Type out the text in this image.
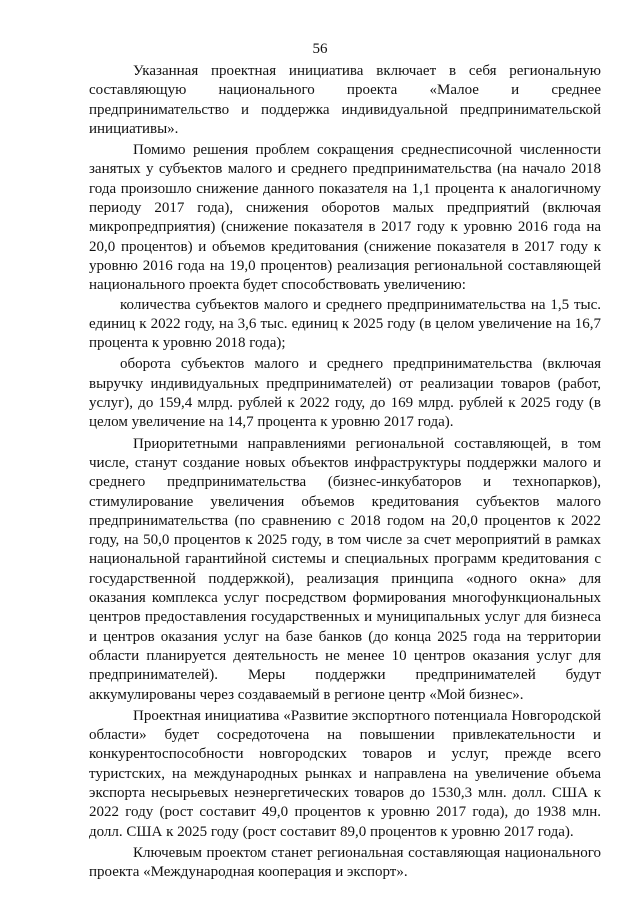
56

Указанная проектная инициатива включает в себя региональную составляющую национального проекта «Малое и среднее предпринимательство и поддержка индивидуальной предпринимательской инициативы».

Помимо решения проблем сокращения среднесписочной численности занятых у субъектов малого и среднего предпринимательства (на начало 2018 года произошло снижение данного показателя на 1,1 процента к аналогичному периоду 2017 года), снижения оборотов малых предприятий (включая микропредприятия) (снижение показателя в 2017 году к уровню 2016 года на 20,0 процентов) и объемов кредитования (снижение показателя в 2017 году к уровню 2016 года на 19,0 процентов) реализация региональной составляющей национального проекта будет способствовать увеличению:

количества субъектов малого и среднего предпринимательства на 1,5 тыс. единиц к 2022 году, на 3,6 тыс. единиц к 2025 году (в целом увеличение на 16,7 процента к уровню 2018 года);

оборота субъектов малого и среднего предпринимательства (включая выручку индивидуальных предпринимателей) от реализации товаров (работ, услуг), до 159,4 млрд. рублей к 2022 году, до 169 млрд. рублей к 2025 году (в целом увеличение на 14,7 процента к уровню 2017 года).

Приоритетными направлениями региональной составляющей, в том числе, станут создание новых объектов инфраструктуры поддержки малого и среднего предпринимательства (бизнес-инкубаторов и технопарков), стимулирование увеличения объемов кредитования субъектов малого предпринимательства (по сравнению с 2018 годом на 20,0 процентов к 2022 году, на 50,0 процентов к 2025 году, в том числе за счет мероприятий в рамках национальной гарантийной системы и специальных программ кредитования с государственной поддержкой), реализация принципа «одного окна» для оказания комплекса услуг посредством формирования многофункциональных центров предоставления государственных и муниципальных услуг для бизнеса и центров оказания услуг на базе банков (до конца 2025 года на территории области планируется деятельность не менее 10 центров оказания услуг для предпринимателей). Меры поддержки предпринимателей будут аккумулированы через создаваемый в регионе центр «Мой бизнес».

Проектная инициатива «Развитие экспортного потенциала Новгородской области» будет сосредоточена на повышении привлекательности и конкурентоспособности новгородских товаров и услуг, прежде всего туристских, на международных рынках и направлена на увеличение объема экспорта несырьевых неэнергетических товаров до 1530,3 млн. долл. США к 2022 году (рост составит 49,0 процентов к уровню 2017 года), до 1938 млн. долл. США к 2025 году (рост составит 89,0 процентов к уровню 2017 года).

Ключевым проектом станет региональная составляющая национального проекта «Международная кооперация и экспорт».
